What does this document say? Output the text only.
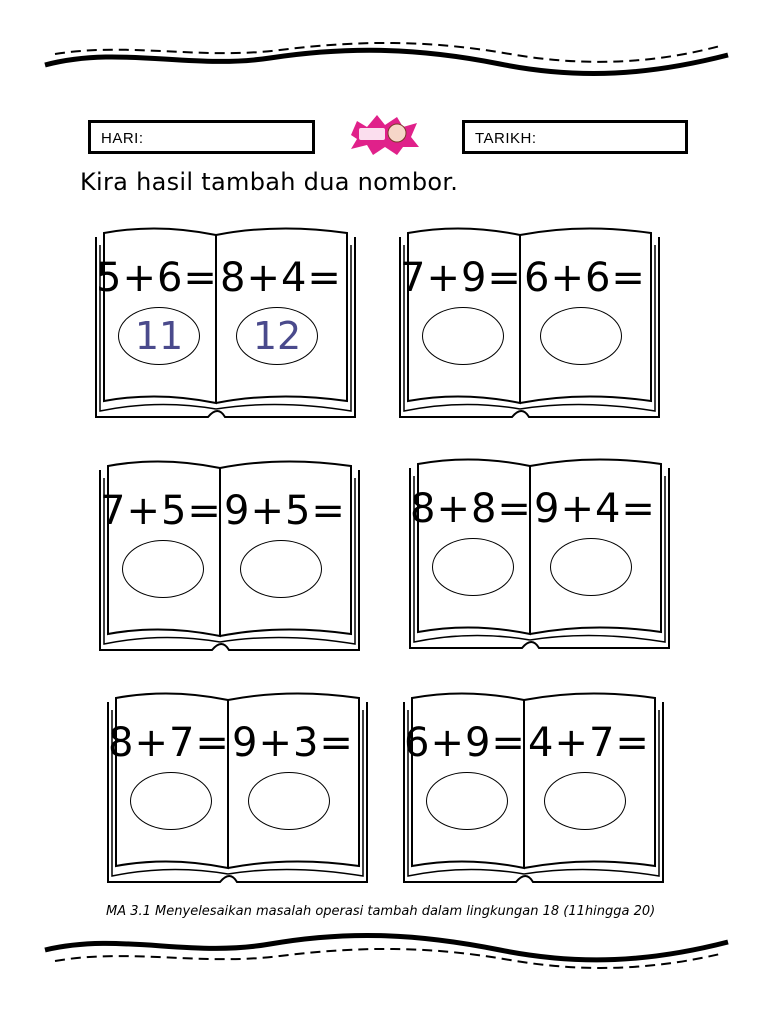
HARI:	TARIKH:
Kira hasil tambah dua nombor.
5+6= 8+4=
11	12
7+9= 6+6=
7+5= 9+5= 8+8= 9+4=
8+7= 9+3= 6+9= 4+7=
MA 3.1 Menyelesaikan masalah operasi tambah dalam lingkungan 18 (11hingga 20)
